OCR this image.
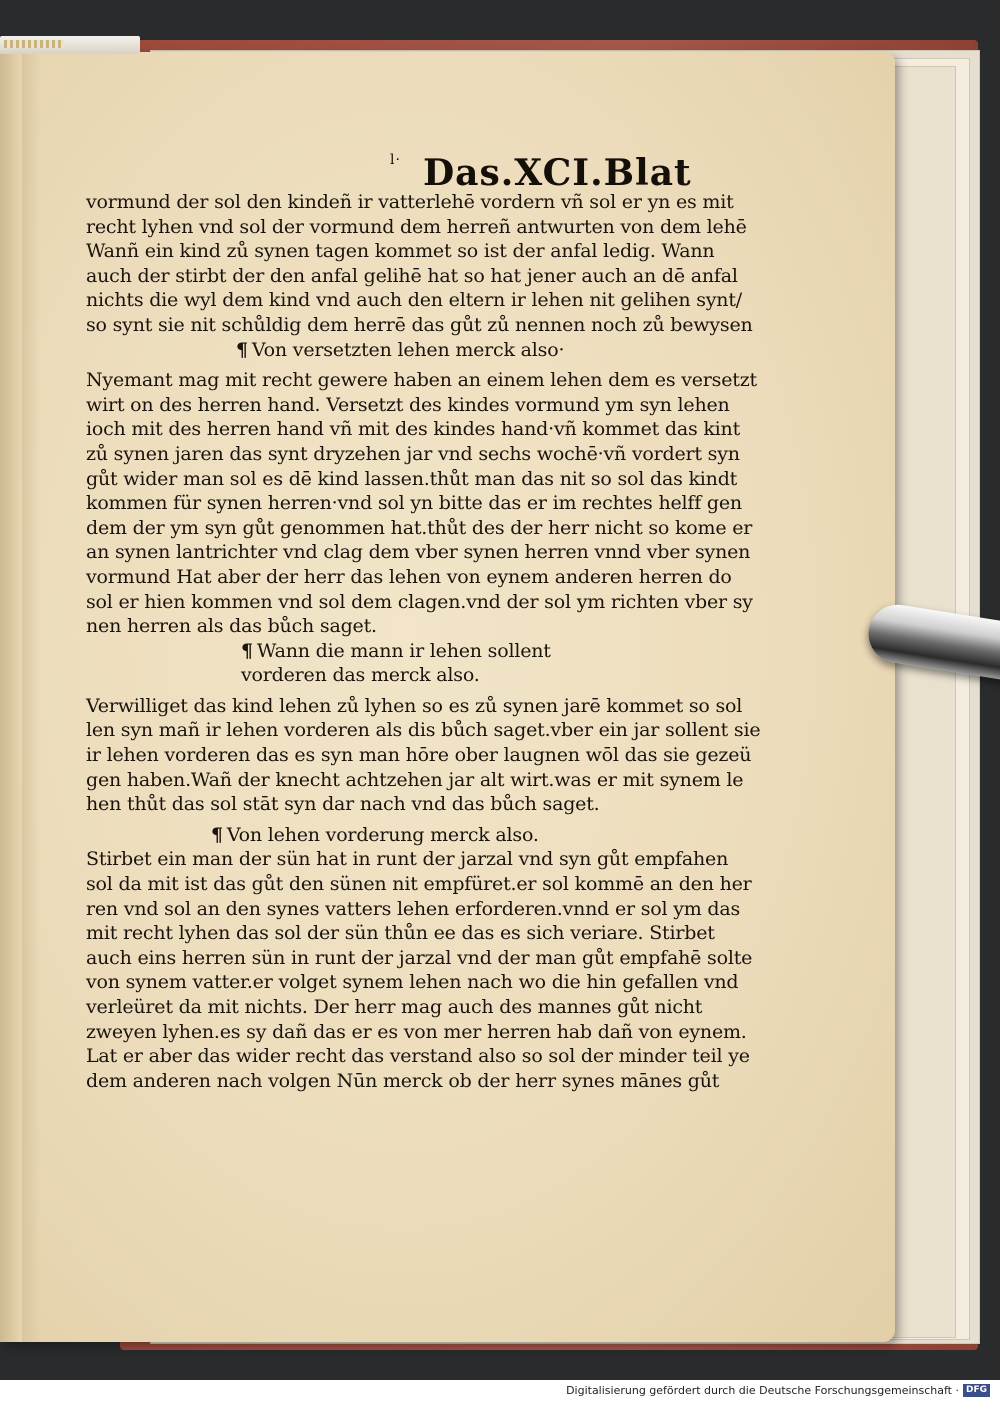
$^{l\cdot}$ Das.XCI.Blat
vormund der sol den kindeñ ir vatterlehē vordern vñ sol er yn es mit
recht lyhen vnd sol der vormund dem herreñ antwurten von dem lehē
Wanñ ein kind zů synen tagen kommet so ist der anfal ledig. Wann
auch der stirbt der den anfal gelihē hat so hat jener auch an dē anfal
nichts die wyl dem kind vnd auch den eltern ir lehen nit gelihen synt/
so synt sie nit schůldig dem herrē das gůt zů nennen noch zů bewysen
¶ Von versetzten lehen merck also·
Nyemant mag mit recht gewere haben an einem lehen dem es versetzt
wirt on des herren hand. Versetzt des kindes vormund ym syn lehen
ioch mit des herren hand vñ mit des kindes hand·vñ kommet das kint
zů synen jaren das synt dryzehen jar vnd sechs wochē·vñ vordert syn
gůt wider man sol es dē kind lassen.thůt man das nit so sol das kindt
kommen für synen herren·vnd sol yn bitte das er im rechtes helff gen
dem der ym syn gůt genommen hat.thůt des der herr nicht so kome er
an synen lantrichter vnd clag dem vber synen herren vnnd vber synen
vormund Hat aber der herr das lehen von eynem anderen herren do
sol er hien kommen vnd sol dem clagen.vnd der sol ym richten vber sy
nen herren als das bůch saget.
¶ Wann die mann ir lehen sollent
vorderen das merck also.
Verwilliget das kind lehen zů lyhen so es zů synen jarē kommet so sol
len syn mañ ir lehen vorderen als dis bůch saget.vber ein jar sollent sie
ir lehen vorderen das es syn man hōre ober laugnen wōl das sie gezeü
gen haben.Wañ der knecht achtzehen jar alt wirt.was er mit synem le
hen thůt das sol stāt syn dar nach vnd das bůch saget.
¶ Von lehen vorderung merck also.
Stirbet ein man der sün hat in runt der jarzal vnd syn gůt empfahen
sol da mit ist das gůt den sünen nit empfüret.er sol kommē an den her
ren vnd sol an den synes vatters lehen erforderen.vnnd er sol ym das
mit recht lyhen das sol der sün thůn ee das es sich veriare. Stirbet
auch eins herren sün in runt der jarzal vnd der man gůt empfahē solte
von synem vatter.er volget synem lehen nach wo die hin gefallen vnd
verleüret da mit nichts. Der herr mag auch des mannes gůt nicht
zweyen lyhen.es sy dañ das er es von mer herren hab dañ von eynem.
Lat er aber das wider recht das verstand also so sol der minder teil ye
dem anderen nach volgen Nūn merck ob der herr synes mānes gůt
Digitalisierung gefördert durch die Deutsche Forschungsgemeinschaft · DFG
